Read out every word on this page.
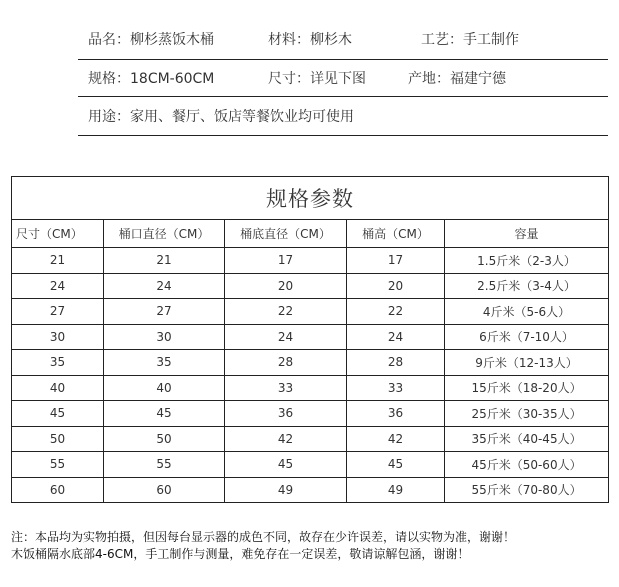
品名：柳杉蒸饭木桶	材料：柳杉木	工艺：手工制作
规格：18CM-60CM	尺寸：详见下图	产地：福建宁德
用途：家用、餐厅、饭店等餐饮业均可使用
规格参数				
尺寸（CM）	桶口直径（CM）	桶底直径（CM）	桶高（CM）	容量
21	21	17	17	1.5斤米（2-3人）
24	24	20	20	2.5斤米（3-4人）
27	27	22	22	4斤米（5-6人）
30	30	24	24	6斤米（7-10人）
35	35	28	28	9斤米（12-13人）
40	40	33	33	15斤米（18-20人）
45	45	36	36	25斤米（30-35人）
50	50	42	42	35斤米（40-45人）
55	55	45	45	45斤米（50-60人）
60	60	49	49	55斤米（70-80人）
注：本品均为实物拍摄，但因每台显示器的成色不同，故存在少许误差，请以实物为准，谢谢！
木饭桶隔水底部4-6CM，手工制作与测量，难免存在一定误差，敬请谅解包涵，谢谢！
